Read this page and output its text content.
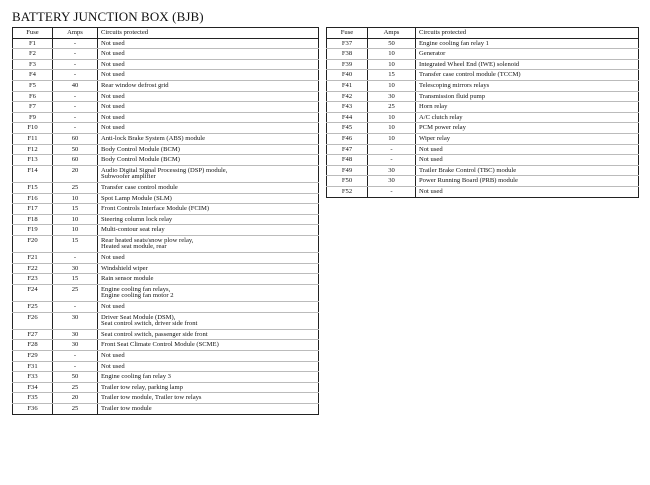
BATTERY JUNCTION BOX (BJB)
Fuse	Amps	Circuits protected
F1	-	Not used
F2	-	Not used
F3	-	Not used
F4	-	Not used
F5	40	Rear window defrost grid
F6	-	Not used
F7	-	Not used
F9	-	Not used
F10	-	Not used
F11	60	Anti-lock Brake System (ABS) module
F12	50	Body Control Module (BCM)
F13	60	Body Control Module (BCM)
F14	20	Audio Digital Signal Processing (DSP) module,
Subwoofer amplifier
F15	25	Transfer case control module
F16	10	Spot Lamp Module (SLM)
F17	15	Front Controls Interface Module (FCIM)
F18	10	Steering column lock relay
F19	10	Multi-contour seat relay
F20	15	Rear heated seats/snow plow relay,
Heated seat module, rear
F21	-	Not used
F22	30	Windshield wiper
F23	15	Rain sensor module
F24	25	Engine cooling fan relays,
Engine cooling fan motor 2
F25	-	Not used
F26	30	Driver Seat Module (DSM),
Seat control switch, driver side front
F27	30	Seat control switch, passenger side front
F28	30	Front Seat Climate Control Module (SCME)
F29	-	Not used
F31	-	Not used
F33	50	Engine cooling fan relay 3
F34	25	Trailer tow relay, parking lamp
F35	20	Trailer tow module, Trailer tow relays
F36	25	Trailer tow module
Fuse	Amps	Circuits protected
F37	50	Engine cooling fan relay 1
F38	10	Generator
F39	10	Integrated Wheel End (IWE) solenoid
F40	15	Transfer case control module (TCCM)
F41	10	Telescoping mirrors relays
F42	30	Transmission fluid pump
F43	25	Horn relay
F44	10	A/C clutch relay
F45	10	PCM power relay
F46	10	Wiper relay
F47	-	Not used
F48	-	Not used
F49	30	Trailer Brake Control (TBC) module
F50	30	Power Running Board (PRB) module
F52	-	Not used
